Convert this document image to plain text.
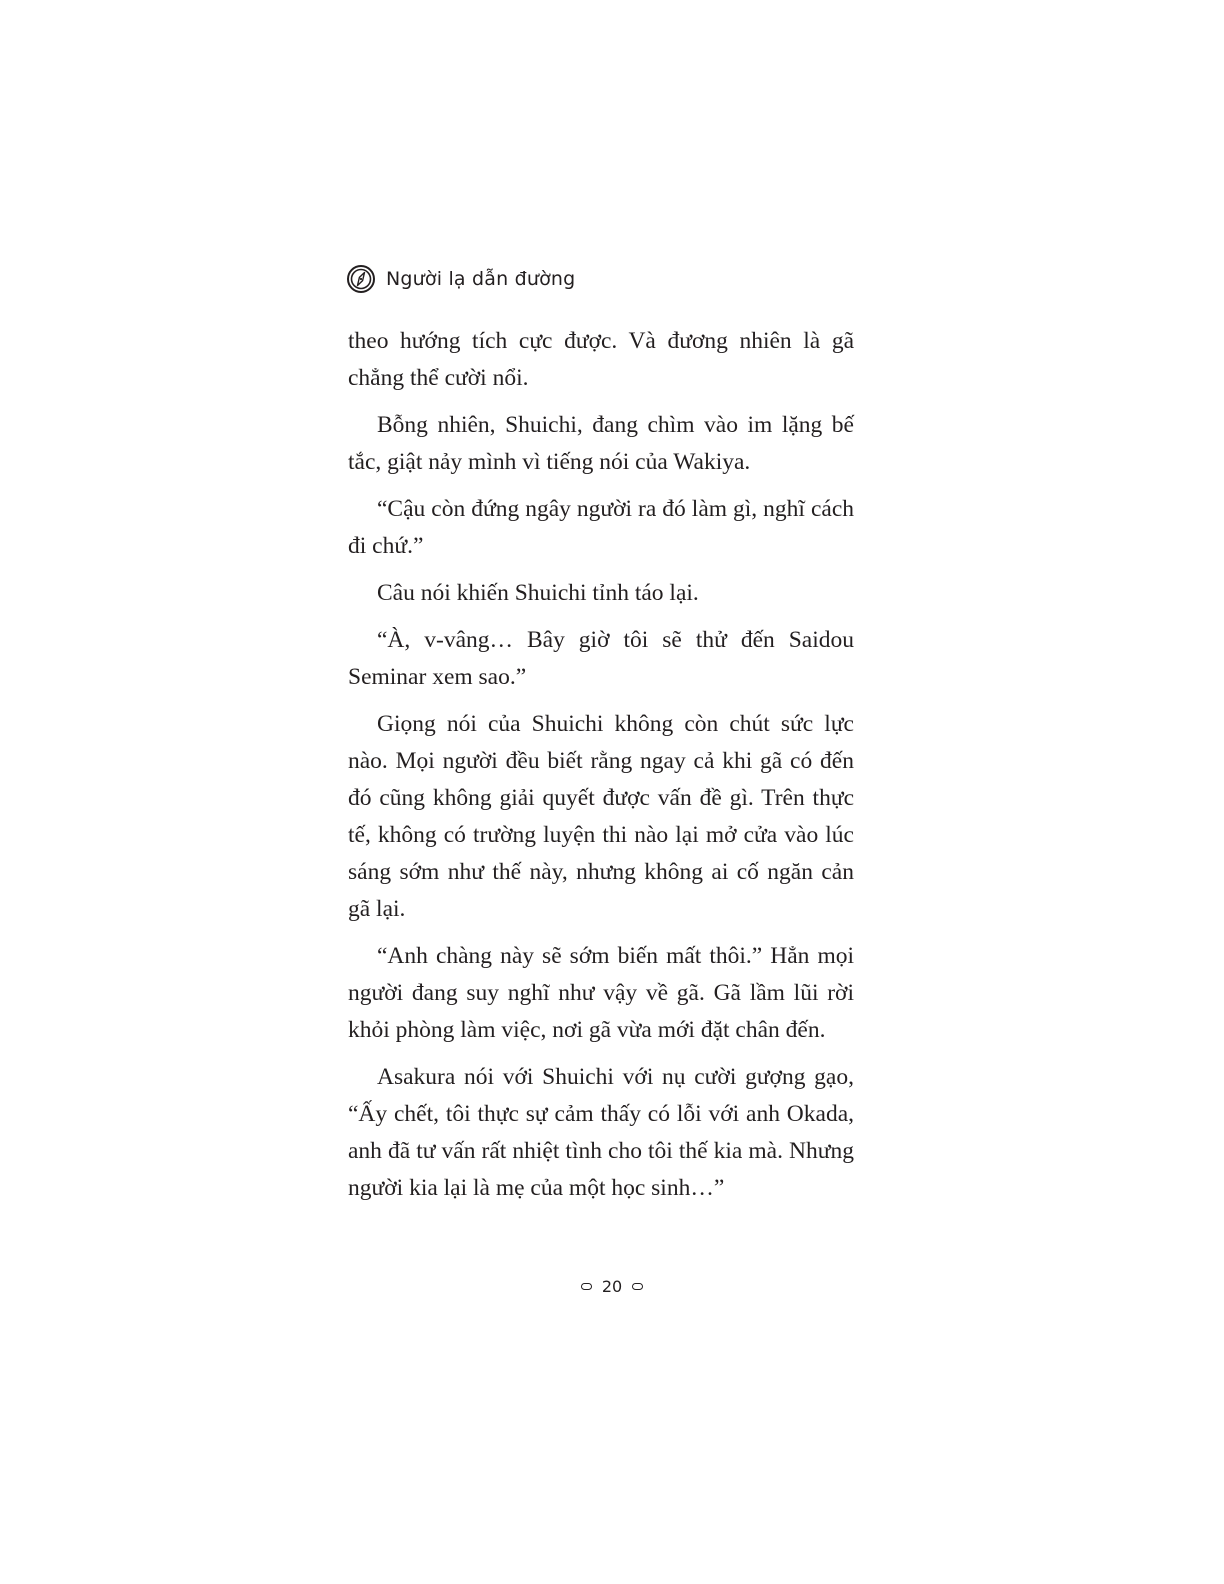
Người lạ dẫn đường

theo hướng tích cực được. Và đương nhiên là gã chẳng thể cười nổi.

Bỗng nhiên, Shuichi, đang chìm vào im lặng bế tắc, giật nảy mình vì tiếng nói của Wakiya.

“Cậu còn đứng ngây người ra đó làm gì, nghĩ cách đi chứ.”

Câu nói khiến Shuichi tỉnh táo lại.

“À, v-vâng… Bây giờ tôi sẽ thử đến Saidou Seminar xem sao.”

Giọng nói của Shuichi không còn chút sức lực nào. Mọi người đều biết rằng ngay cả khi gã có đến đó cũng không giải quyết được vấn đề gì. Trên thực tế, không có trường luyện thi nào lại mở cửa vào lúc sáng sớm như thế này, nhưng không ai cố ngăn cản gã lại.

“Anh chàng này sẽ sớm biến mất thôi.” Hẳn mọi người đang suy nghĩ như vậy về gã. Gã lầm lũi rời khỏi phòng làm việc, nơi gã vừa mới đặt chân đến.

Asakura nói với Shuichi với nụ cười gượng gạo, “Ấy chết, tôi thực sự cảm thấy có lỗi với anh Okada, anh đã tư vấn rất nhiệt tình cho tôi thế kia mà. Nhưng người kia lại là mẹ của một học sinh…”

20
